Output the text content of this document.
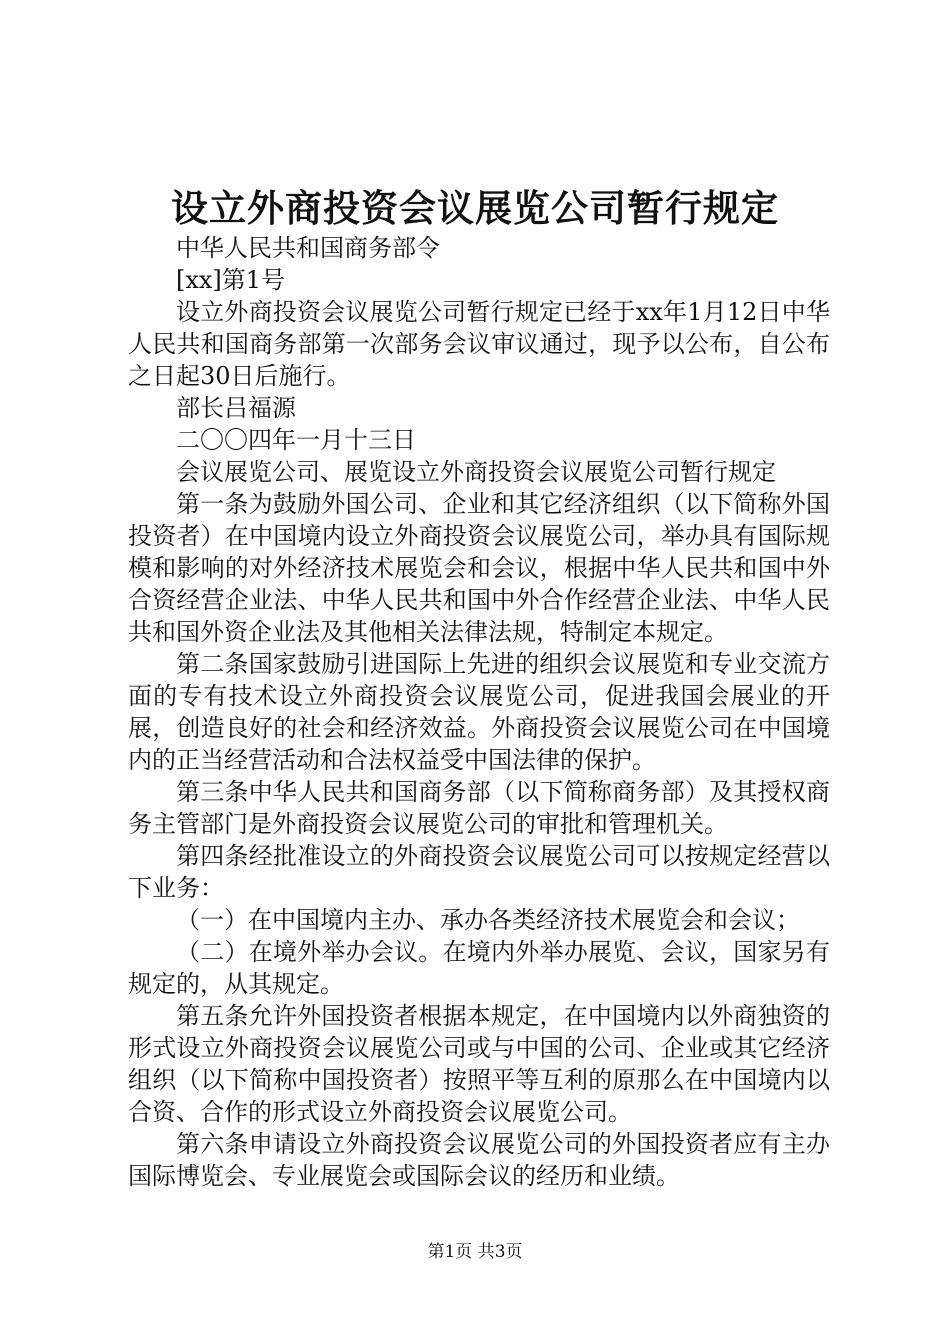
设立外商投资会议展览公司暂行规定

中华人民共和国商务部令

[xx]第1号

设立外商投资会议展览公司暂行规定已经于xx年1月12日中华人民共和国商务部第一次部务会议审议通过，现予以公布，自公布之日起30日后施行。

部长吕福源

二〇〇四年一月十三日

会议展览公司、展览设立外商投资会议展览公司暂行规定

第一条为鼓励外国公司、企业和其它经济组织（以下简称外国投资者）在中国境内设立外商投资会议展览公司，举办具有国际规模和影响的对外经济技术展览会和会议，根据中华人民共和国中外合资经营企业法、中华人民共和国中外合作经营企业法、中华人民共和国外资企业法及其他相关法律法规，特制定本规定。

第二条国家鼓励引进国际上先进的组织会议展览和专业交流方面的专有技术设立外商投资会议展览公司，促进我国会展业的开展，创造良好的社会和经济效益。外商投资会议展览公司在中国境内的正当经营活动和合法权益受中国法律的保护。

第三条中华人民共和国商务部（以下简称商务部）及其授权商务主管部门是外商投资会议展览公司的审批和管理机关。

第四条经批准设立的外商投资会议展览公司可以按规定经营以下业务：

（一）在中国境内主办、承办各类经济技术展览会和会议；

（二）在境外举办会议。在境内外举办展览、会议，国家另有规定的，从其规定。

第五条允许外国投资者根据本规定，在中国境内以外商独资的形式设立外商投资会议展览公司或与中国的公司、企业或其它经济组织（以下简称中国投资者）按照平等互利的原那么在中国境内以合资、合作的形式设立外商投资会议展览公司。

第六条申请设立外商投资会议展览公司的外国投资者应有主办国际博览会、专业展览会或国际会议的经历和业绩。

第1页 共3页
